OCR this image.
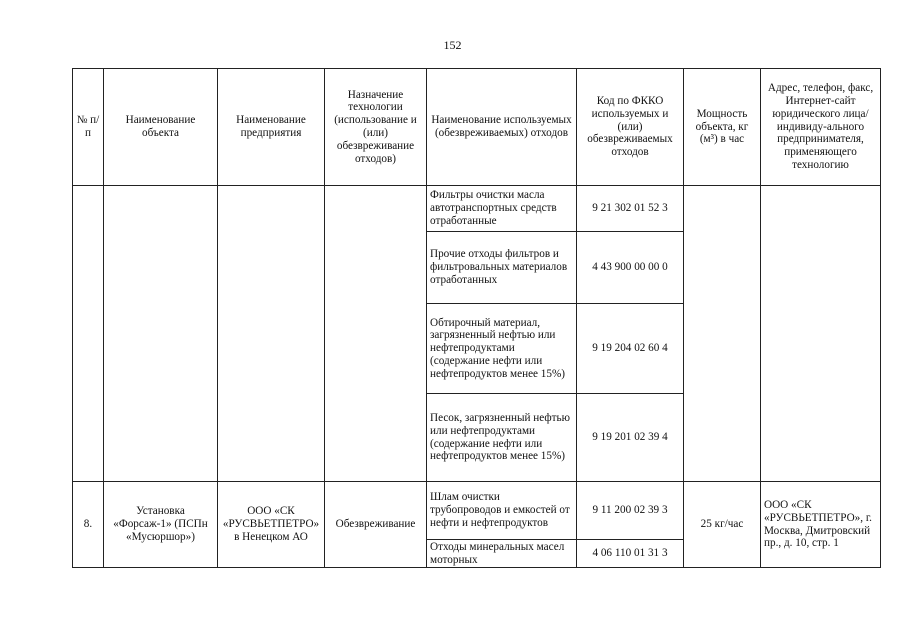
152
№ п/п	Наименование объекта	Наименование предприятия	Назначение технологии (использование и (или) обезвреживание отходов)	Наименование используемых (обезвреживаемых) отходов	Код по ФККО используемых и (или) обезвреживаемых отходов	Мощность объекта, кг (м³) в час	Адрес, телефон, факс, Интернет-сайт юридического лица/индивиду-ального предпринимателя, применяющего технологию
				Фильтры очистки масла автотранспортных средств отработанные	9 21 302 01 52 3		
				Прочие отходы фильтров и фильтровальных материалов отработанных	4 43 900 00 00 0		
				Обтирочный материал, загрязненный нефтью или нефтепродуктами (содержание нефти или нефтепродуктов менее 15%)	9 19 204 02 60 4		
				Песок, загрязненный нефтью или нефтепродуктами (содержание нефти или нефтепродуктов менее 15%)	9 19 201 02 39 4		
8.	Установка «Форсаж-1» (ПСПн «Мусюршор»)	ООО «СК «РУСВЬЕТПЕТРО» в Ненецком АО	Обезвреживание	Шлам очистки трубопроводов и емкостей от нефти и нефтепродуктов	9 11 200 02 39 3	25 кг/час	ООО «СК «РУСВЬЕТПЕТРО», г. Москва, Дмитровский пр., д. 10, стр. 1
				Отходы минеральных масел моторных	4 06 110 01 31 3		
